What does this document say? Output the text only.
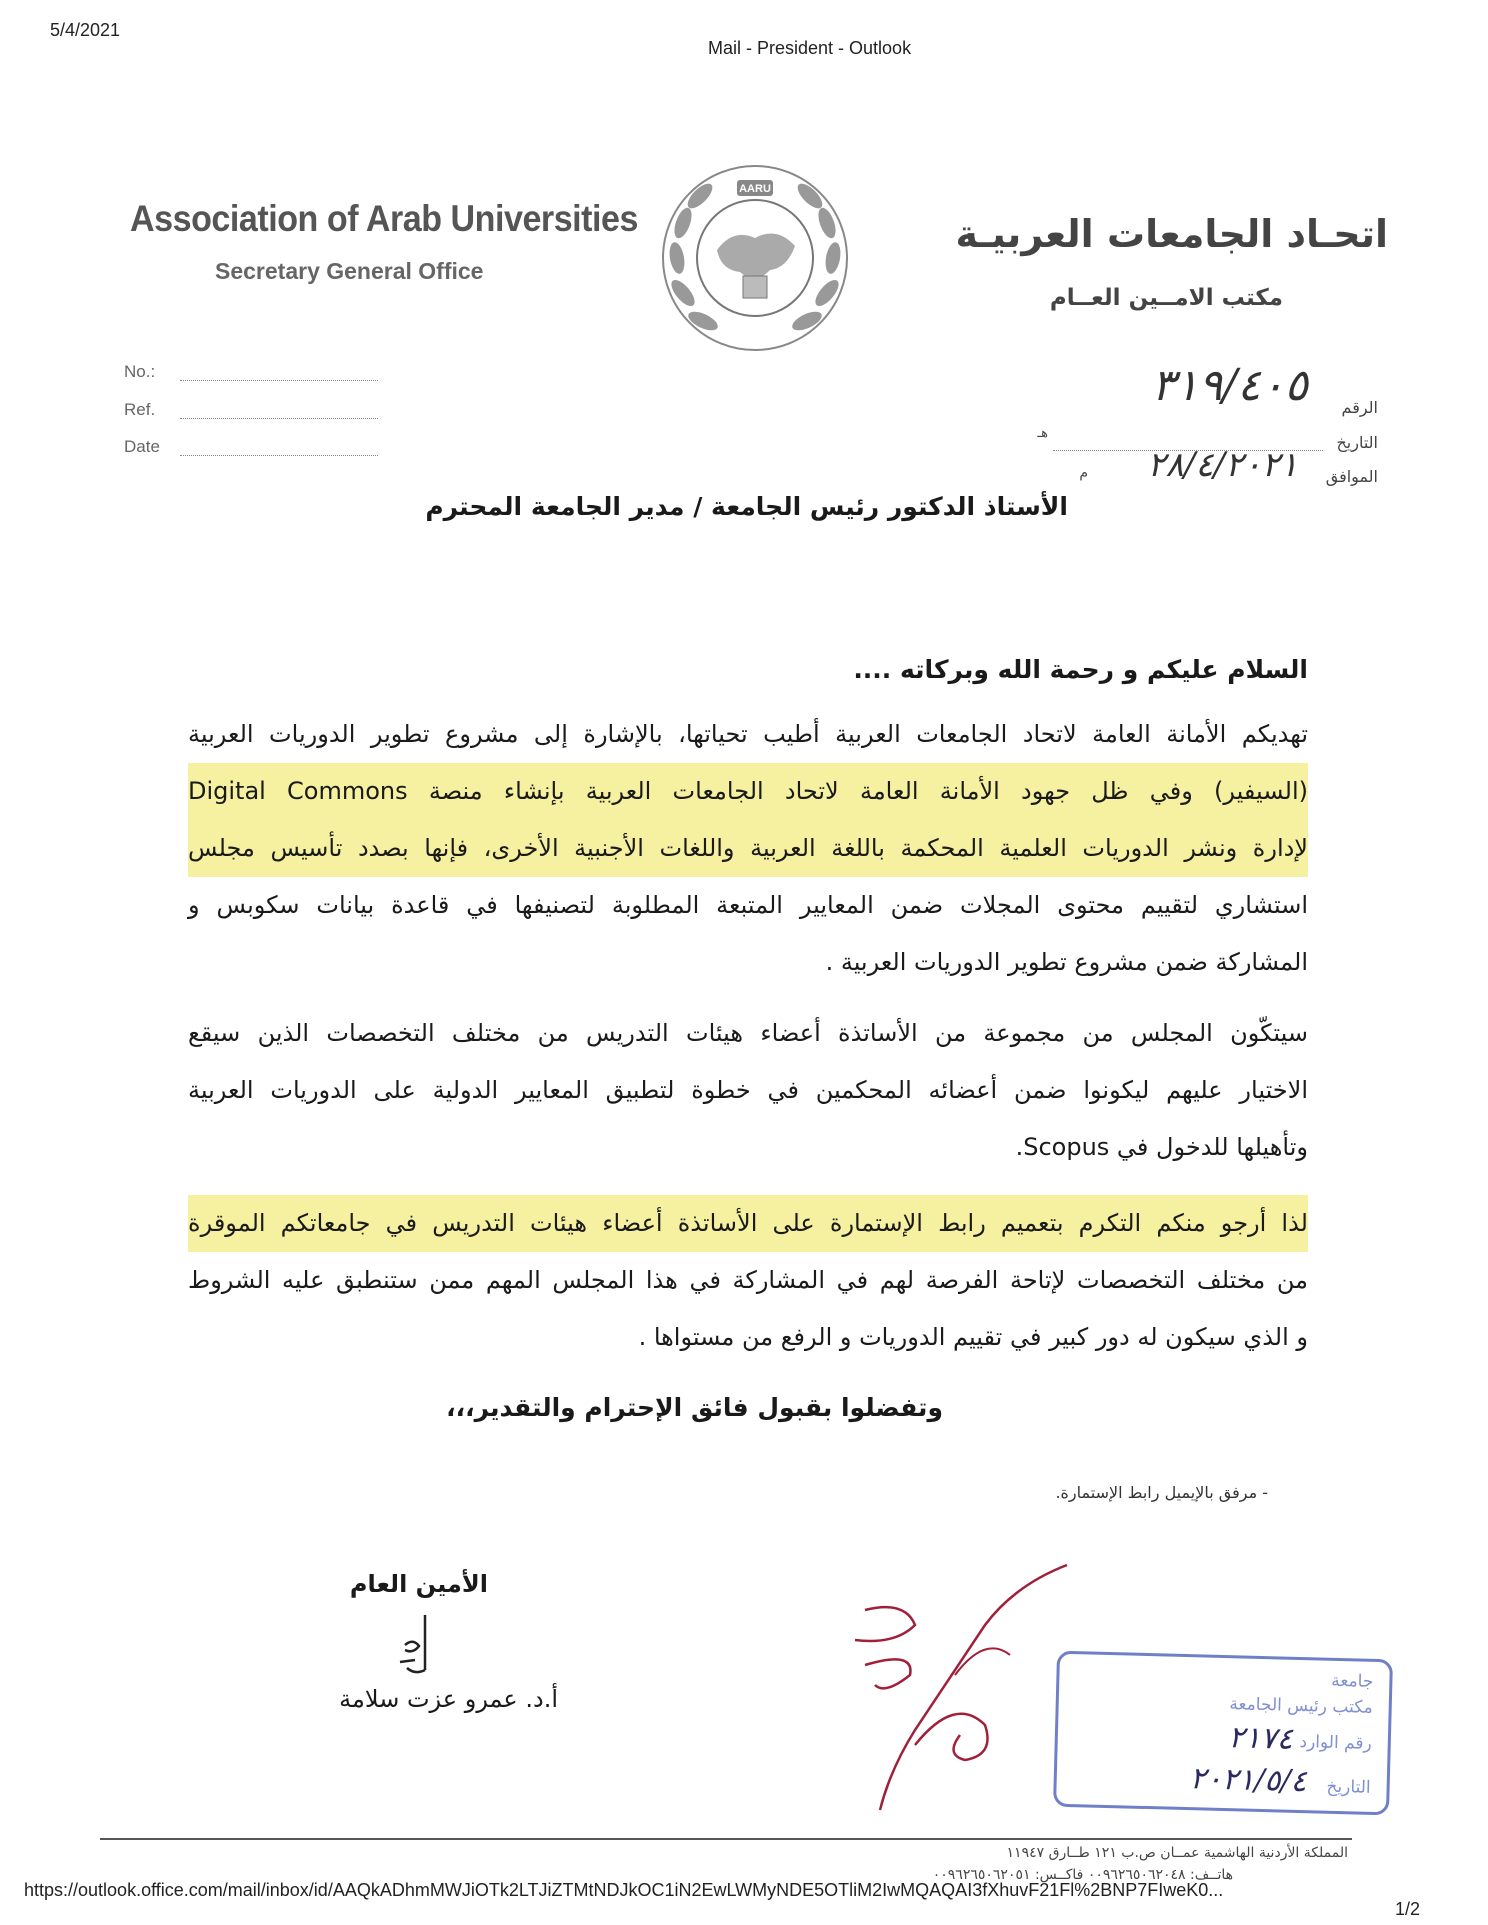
5/4/2021
Mail - President - Outlook
Association of Arab Universities
Secretary General Office
اتحـاد الجامعات العربيـة
مكتب الامــين العــام
AARU
No.:
Ref.
Date
الرقم
٣١٩/٤٠٥
التاريخ
هـ
الموافق
٢٨/٤/٢٠٢١
م
الأستاذ الدكتور رئيس الجامعة / مدير الجامعة المحترم
السلام عليكم و رحمة الله وبركاته ....

تهديكم الأمانة العامة لاتحاد الجامعات العربية أطيب تحياتها، بالإشارة إلى مشروع تطوير الدوريات العربية

(السيفير) وفي ظل جهود الأمانة العامة لاتحاد الجامعات العربية بإنشاء منصة Digital Commons

لإدارة ونشر الدوريات العلمية المحكمة باللغة العربية واللغات الأجنبية الأخرى، فإنها بصدد تأسيس مجلس

استشاري لتقييم محتوى المجلات ضمن المعايير المتبعة المطلوبة لتصنيفها في قاعدة بيانات سكوبس و

المشاركة ضمن مشروع تطوير الدوريات العربية .

سيتكّون المجلس من مجموعة من الأساتذة أعضاء هيئات التدريس من مختلف التخصصات الذين سيقع

الاختيار عليهم ليكونوا ضمن أعضائه المحكمين في خطوة لتطبيق المعايير الدولية على الدوريات العربية

وتأهيلها للدخول في Scopus.

لذا أرجو منكم التكرم بتعميم رابط الإستمارة على الأساتذة أعضاء هيئات التدريس في جامعاتكم الموقرة

من مختلف التخصصات لإتاحة الفرصة لهم في المشاركة في هذا المجلس المهم ممن ستنطبق عليه الشروط

و الذي سيكون له دور كبير في تقييم الدوريات و الرفع من مستواها .

وتفضلوا بقبول فائق الإحترام والتقدير،،،
- مرفق بالإيميل رابط الإستمارة.
الأمين العام
أ.د. عمرو عزت سلامة
جامعة
مكتب رئيس الجامعة
رقم الوارد
التاريخ
٢١٧٤
٢٠٢١/٥/٤
المملكة الأردنية الهاشمية عمــان ص.ب ١٢١ طــارق ١١٩٤٧
هاتــف: ٠٠٩٦٢٦٥٠٦٢٠٤٨ فاكــس: ٠٠٩٦٢٦٥٠٦٢٠٥١
https://outlook.office.com/mail/inbox/id/AAQkADhmMWJiOTk2LTJiZTMtNDJkOC1iN2EwLWMyNDE5OTliM2IwMQAQAI3fXhuvF21Fl%2BNP7FIweK0...
1/2
